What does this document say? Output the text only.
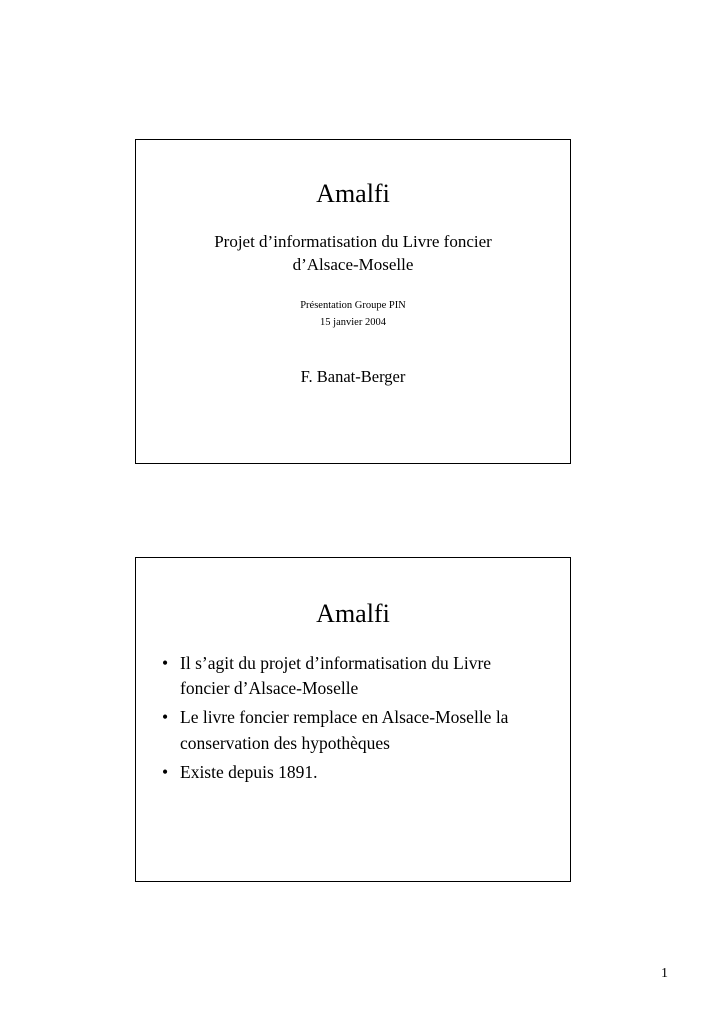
Amalfi
Projet d’informatisation du Livre foncier
d’Alsace-Moselle
Présentation Groupe PIN
15 janvier 2004
F. Banat-Berger
Amalfi
• Il s’agit du projet d’informatisation du Livre foncier d’Alsace-Moselle
• Le livre foncier remplace en Alsace-Moselle la conservation des hypothèques
• Existe depuis 1891.
1
